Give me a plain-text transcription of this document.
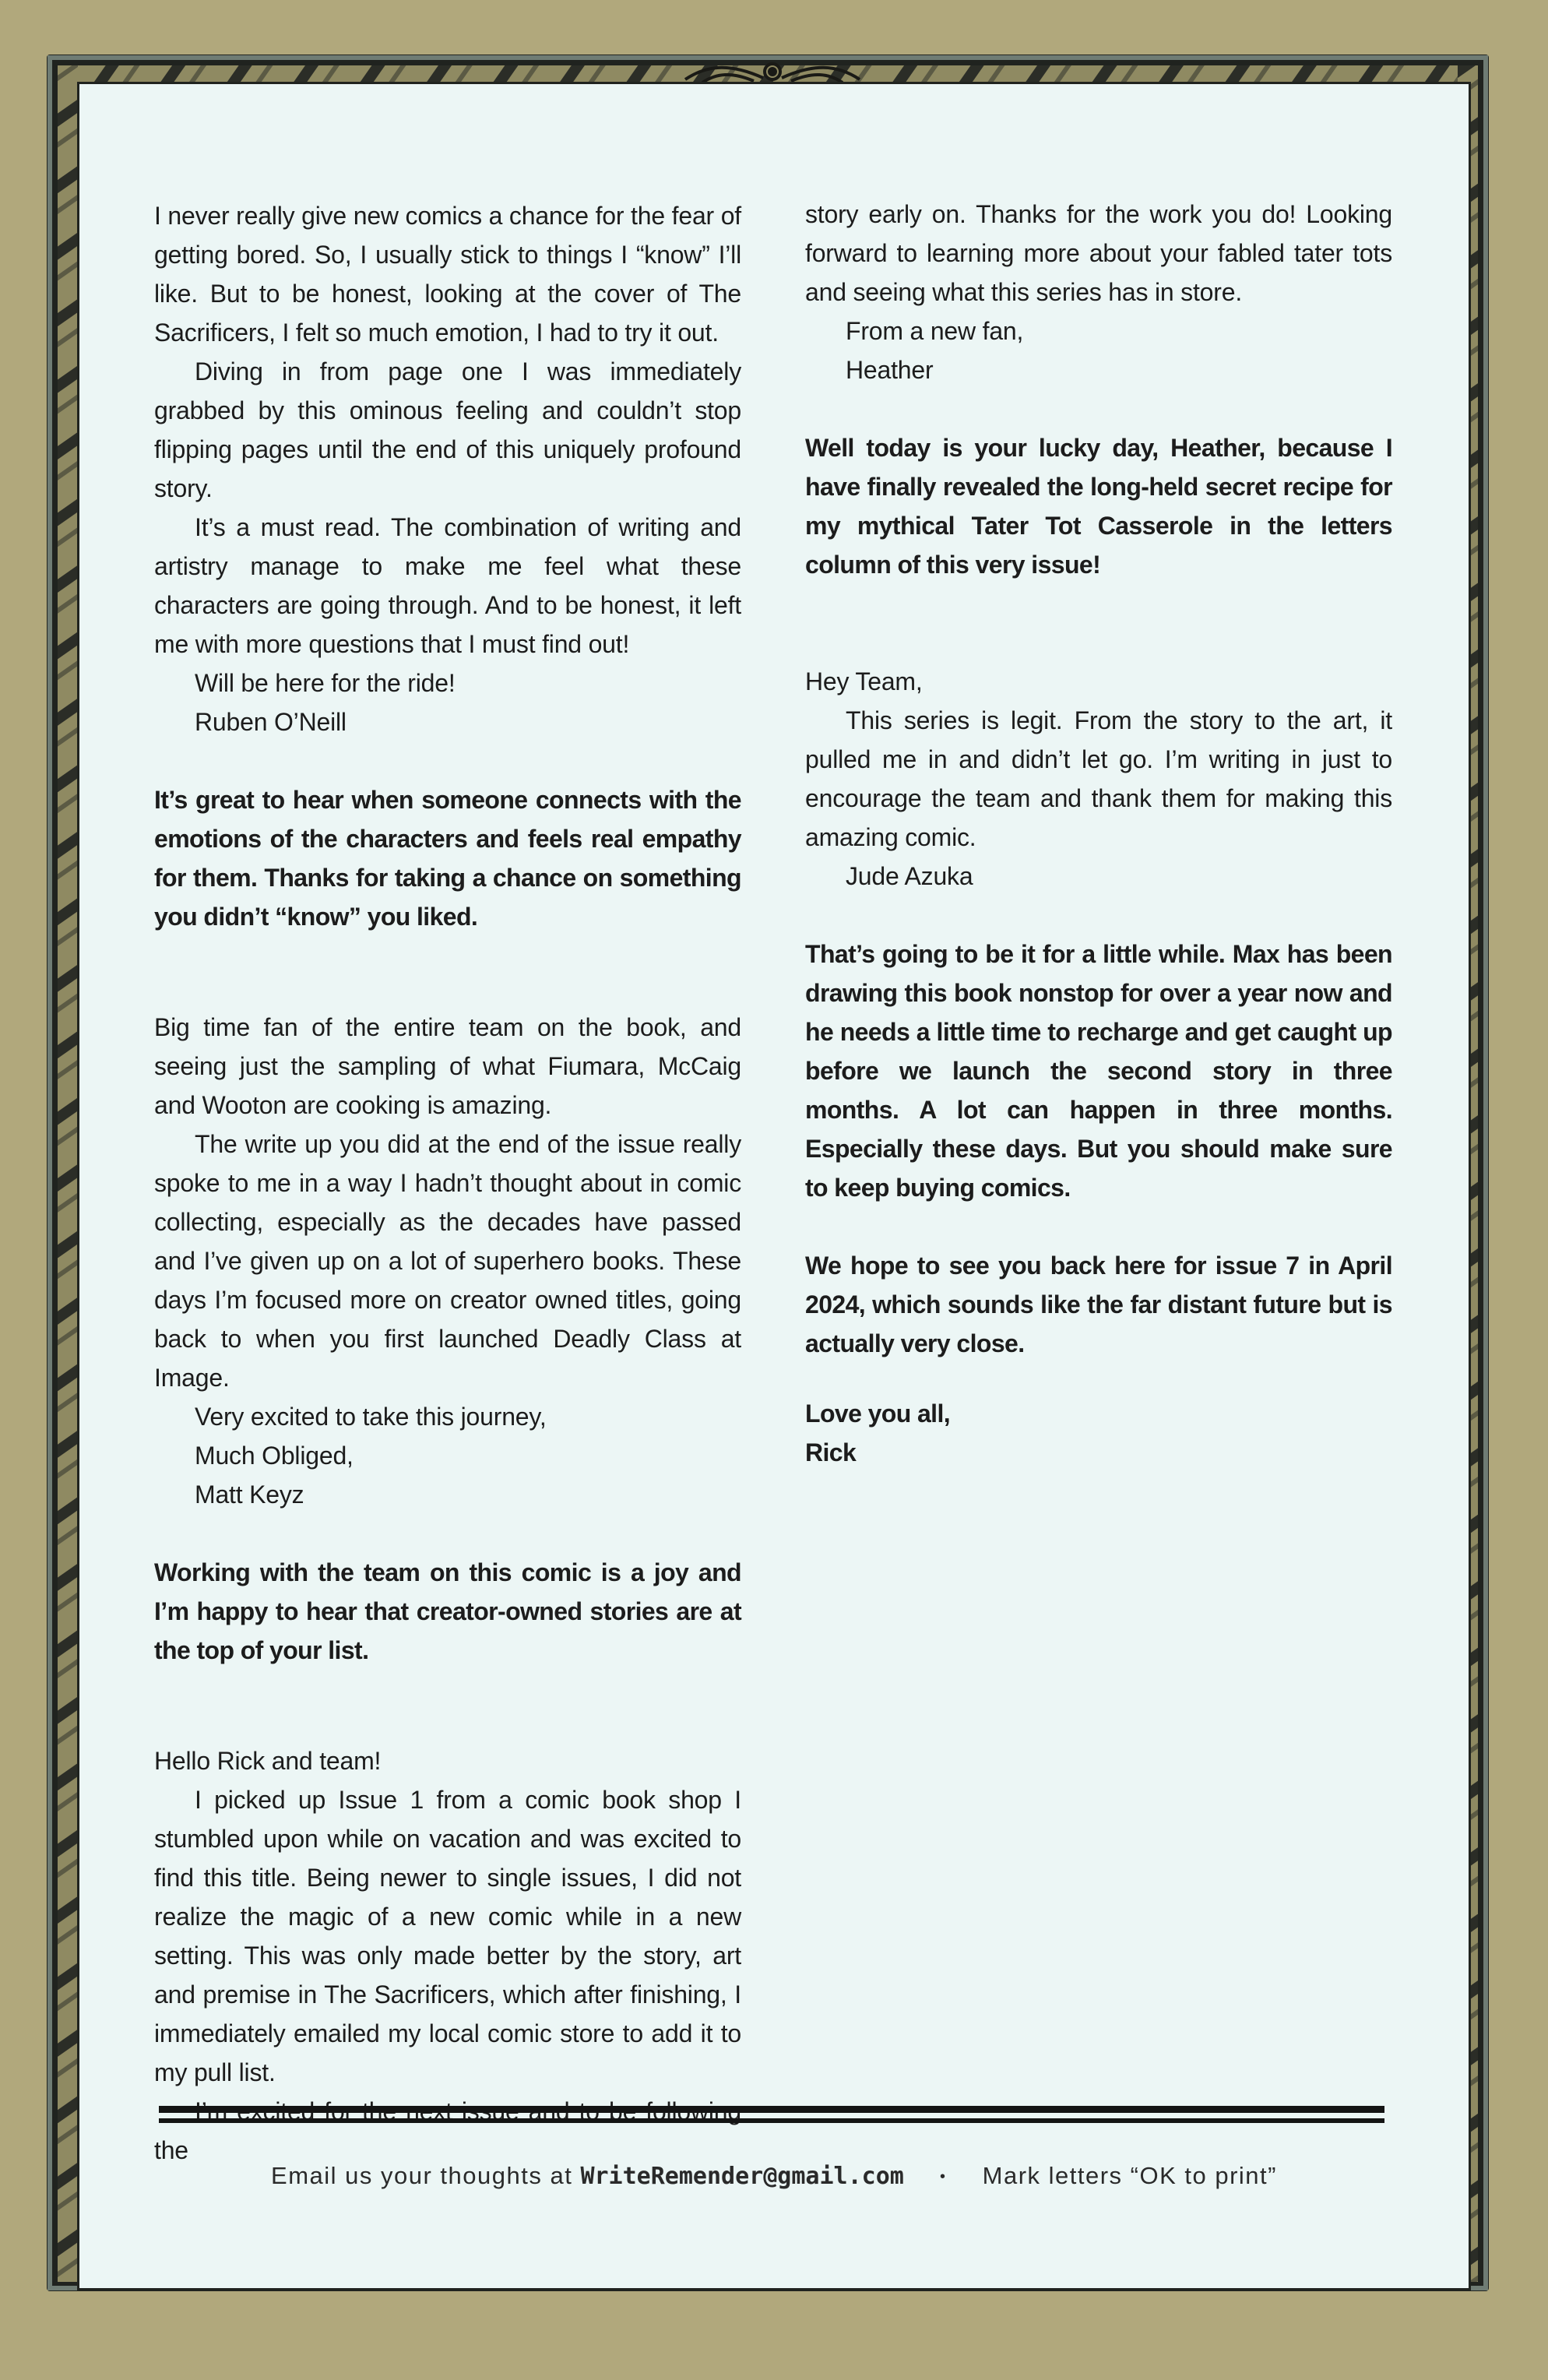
I never really give new comics a chance for the fear of getting bored. So, I usually stick to things I “know” I’ll like. But to be honest, looking at the cover of The Sacrificers, I felt so much emotion, I had to try it out.

Diving in from page one I was immediately grabbed by this ominous feeling and couldn’t stop flipping pages until the end of this uniquely profound story.

It’s a must read. The combination of writing and artistry manage to make me feel what these characters are going through. And to be honest, it left me with more questions that I must find out!

Will be here for the ride!

Ruben O’Neill

It’s great to hear when someone connects with the emotions of the characters and feels real empathy for them. Thanks for taking a chance on something you didn’t “know” you liked.

Big time fan of the entire team on the book, and seeing just the sampling of what Fiumara, McCaig and Wooton are cooking is amazing.

The write up you did at the end of the issue really spoke to me in a way I hadn’t thought about in comic collecting, especially as the decades have passed and I’ve given up on a lot of superhero books. These days I’m focused more on creator owned titles, going back to when you first launched Deadly Class at Image.

Very excited to take this journey,

Much Obliged,

Matt Keyz

Working with the team on this comic is a joy and I’m happy to hear that creator-owned stories are at the top of your list.

Hello Rick and team!

I picked up Issue 1 from a comic book shop I stumbled upon while on vacation and was excited to find this title. Being newer to single issues, I did not realize the magic of a new comic while in a new setting. This was only made better by the story, art and premise in The Sacrificers, which after finishing, I immediately emailed my local comic store to add it to my pull list.

the

story early on. Thanks for the work you do! Looking forward to learning more about your fabled tater tots and seeing what this series has in store.

From a new fan,

Heather

Well today is your lucky day, Heather, because I have finally revealed the long-held secret recipe for my mythical Tater Tot Casserole in the letters column of this very issue!

Hey Team,

This series is legit. From the story to the art, it pulled me in and didn’t let go. I’m writing in just to encourage the team and thank them for making this amazing comic.

Jude Azuka

That’s going to be it for a little while. Max has been drawing this book nonstop for over a year now and he needs a little time to recharge and get caught up before we launch the second story in three months. A lot can happen in three months. Especially these days. But you should make sure to keep buying comics.

We hope to see you back here for issue 7 in April 2024, which sounds like the far distant future but is actually very close.

Love you all,

Rick

Email us your thoughts at WriteRemender@gmail.com • Mark letters “OK to print”
